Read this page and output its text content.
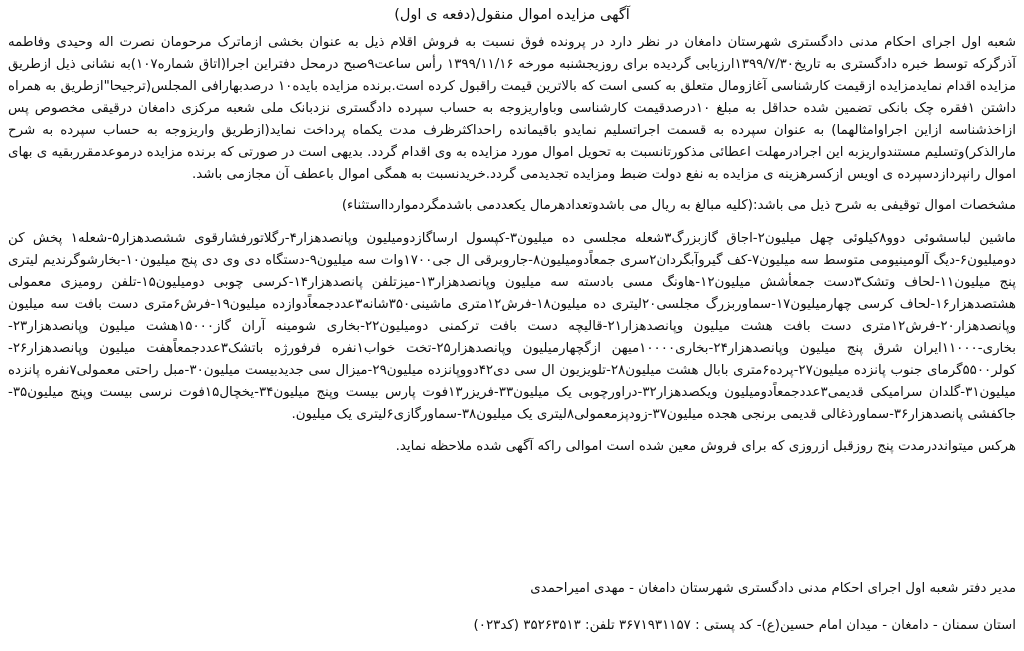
آگهی مزایده اموال منقول(دفعه ی اول)

شعبه اول اجرای احکام مدنی دادگستری شهرستان دامغان در نظر دارد در پرونده فوق نسبت به فروش اقلام ذیل به عنوان بخشی ازماترک مرحومان نصرت اله وحیدی وفاطمه آذرگرکه توسط خبره دادگستری به تاریخ۱۳۹۹/۷/۳۰ارزیابی گردیده برای روزیجشنبه مورخه ۱۳۹۹/۱۱/۱۶ رأس ساعت۹صبح درمحل دفتراین اجرا(اتاق شماره۱۰۷)به نشانی ذیل ازطریق مزایده اقدام نمایدمزایده ازقیمت کارشناسی آغازومال متعلق به کسی است که بالاترین قیمت راقبول کرده است.برنده مزایده بایده۱۰ درصدبهارافی المجلس(ترجیحا"ازطریق به همراه داشتن ۱فقره چک بانکی تضمین شده حداقل به مبلغ ۱۰درصدقیمت کارشناسی وباواریزوجه به حساب سپرده دادگستری نزدبانک ملی شعبه مرکزی دامغان درقیقی مخصوص پس ازاخذشناسه ازاین اجراوامثالهما) به عنوان سپرده به قسمت اجراتسلیم نمایدو باقیمانده راحداکثرظرف مدت یکماه پرداخت نماید(ازطریق واریزوجه به حساب سپرده به شرح مارالذکر)وتسلیم مستندواریزبه این اجرادرمهلت اعطائی مذکورتانسبت به تحویل اموال مورد مزایده به وی اقدام گردد. بدیهی است در صورتی که برنده مزایده درموعدمقرربقیه ی بهای اموال رانپردازدسپرده ی اویس ازکسرهزینه ی مزایده به نفع دولت ضبط ومزایده تجدیدمی گردد.خریدنسبت به همگی اموال باعطف آن مجازمی باشد.

مشخصات اموال توقیفی به شرح ذیل می باشد:(کلیه مبالغ به ریال می باشدوتعدادهرمال یکعددمی باشدمگردمواردااستثناء)

ماشین لباسشوئی دوو۸کیلوئی چهل میلیون۲-اجاق گازبزرگ۳شعله مجلسی ده میلیون۳-کپسول ارساگازدومیلیون وپانصدهزار۴-رگلاتورفشارقوی ششصدهزار۵-شعله۱ پخش کن دومیلیون۶-دیگ آلومینیومی متوسط سه میلیون۷-کف گیروآبگردان۲سری جمعاًدومیلیون۸-جاروبرقی ال جی۱۷۰۰وات سه میلیون۹-دستگاه دی وی دی پنج میلیون۱۰-بخارشوگرندیم لیتری پنج میلیون۱۱-لحاف وتشک۳دست جمعأشش میلیون۱۲-هاونگ مسی بادسته سه میلیون وپانصدهزار۱۳-میزتلفن پانصدهزار۱۴-کرسی چوبی دومیلیون۱۵-تلفن رومیزی معمولی هشتصدهزار۱۶-لحاف کرسی چهارمیلیون۱۷-سماوربزرگ مجلسی۲۰لیتری ده میلیون۱۸-فرش۱۲متری ماشینی۳۵۰شانه۳عددجمعاًدوازده میلیون۱۹-فرش۶متری دست بافت سه میلیون وپانصدهزار۲۰-فرش۱۲متری دست بافت هشت میلیون وپانصدهزار۲۱-قالیچه دست بافت ترکمنی دومیلیون۲۲-بخاری شومینه آران گاز۱۵۰۰۰هشت میلیون وپانصدهزار۲۳-بخاری-۱۱۰۰۰ایران شرق پنج میلیون وپانصدهزار۲۴-بخاری۱۰۰۰۰میهن ازگچهارمیلیون وپانصدهزار۲۵-تخت خواب۱نفره فرفورژه باتشک۳عددجمعاًهفت میلیون وپانصدهزار۲۶-کولر۵۵۰۰گرمای جنوب پانزده میلیون۲۷-پرده۶متری بابال هشت میلیون۲۸-تلویزیون ال سی دی۴۲دووپانزده میلیون۲۹-میزال سی جدیدبیست میلیون۳۰-مبل راحتی معمولی۷نفره پانزده میلیون۳۱-گلدان سرامیکی قدیمی۳عددجمعاًدومیلیون ویکصدهزار۳۲-دراورچوبی یک میلیون۳۳-فریزر۱۳فوت پارس بیست وپنج میلیون۳۴-یخچال۱۵فوت نرسی بیست وپنج میلیون۳۵-جاکفشی پانصدهزار۳۶-سماورذغالی قدیمی برنجی هجده میلیون۳۷-زودپزمعمولی۸لیتری یک میلیون۳۸-سماورگازی۶لیتری یک میلیون.

هرکس میتوانددرمدت پنج روزقبل ازروزی که برای فروش معین شده است اموالی راکه آگهی شده ملاحظه نماید.

مدیر دفتر شعبه اول اجرای احکام مدنی دادگستری شهرستان دامغان - مهدی امیراحمدی
استان سمنان - دامغان - میدان امام حسین(ع)- کد پستی : ۳۶۷۱۹۳۱۱۵۷ تلفن: ۳۵۲۶۳۵۱۳ (کد۰۲۳)
